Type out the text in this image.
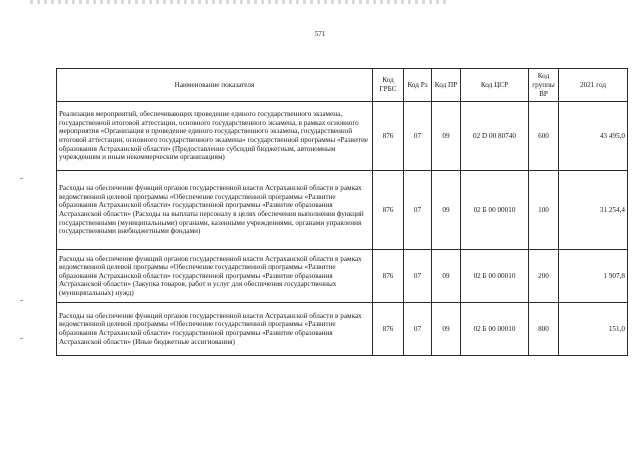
571
Наименование показателя	Код ГРБС	Код Рз	Код ПР	Код ЦСР	Код группы ВР	2021 год
Реализация мероприятий, обеспечивающих проведение единого государственного экзамена, государственной итоговой аттестации, основного государственного экзамена, в рамках основного мероприятия «Организация и проведение единого государственного экзамена, государственной итоговой аттестации, основного государственного экзамена» государственной программы «Развитие образования Астраханской области» (Предоставление субсидий бюджетным, автономным учреждениям и иным некоммерческим организациям)	876	07	09	02 D 00 80740	600	43 495,0
Расходы на обеспечение функций органов государственной власти Астраханской области в рамках ведомственной целевой программы «Обеспечение государственной программы «Развитие образования Астраханской области» государственной программы «Развитие образования Астраханской области» (Расходы на выплаты персоналу в целях обеспечения выполнения функций государственными (муниципальными) органами, казенными учреждениями, органами управления государственными внебюджетными фондами)	876	07	09	02 Б 00 00010	100	31 254,4
Расходы на обеспечение функций органов государственной власти Астраханской области в рамках ведомственной целевой программы «Обеспечение государственной программы «Развитие образования Астраханской области» государственной программы «Развитие образования Астраханской области» (Закупка товаров, работ и услуг для обеспечения государственных (муниципальных) нужд)	876	07	09	02 Б 00 00010	200	1 907,8
Расходы на обеспечение функций органов государственной власти Астраханской области в рамках ведомственной целевой программы «Обеспечение государственной программы «Развитие образования Астраханской области» государственной программы «Развитие образования Астраханской области» (Иные бюджетные ассигнования)	876	07	09	02 Б 00 00010	800	151,0
